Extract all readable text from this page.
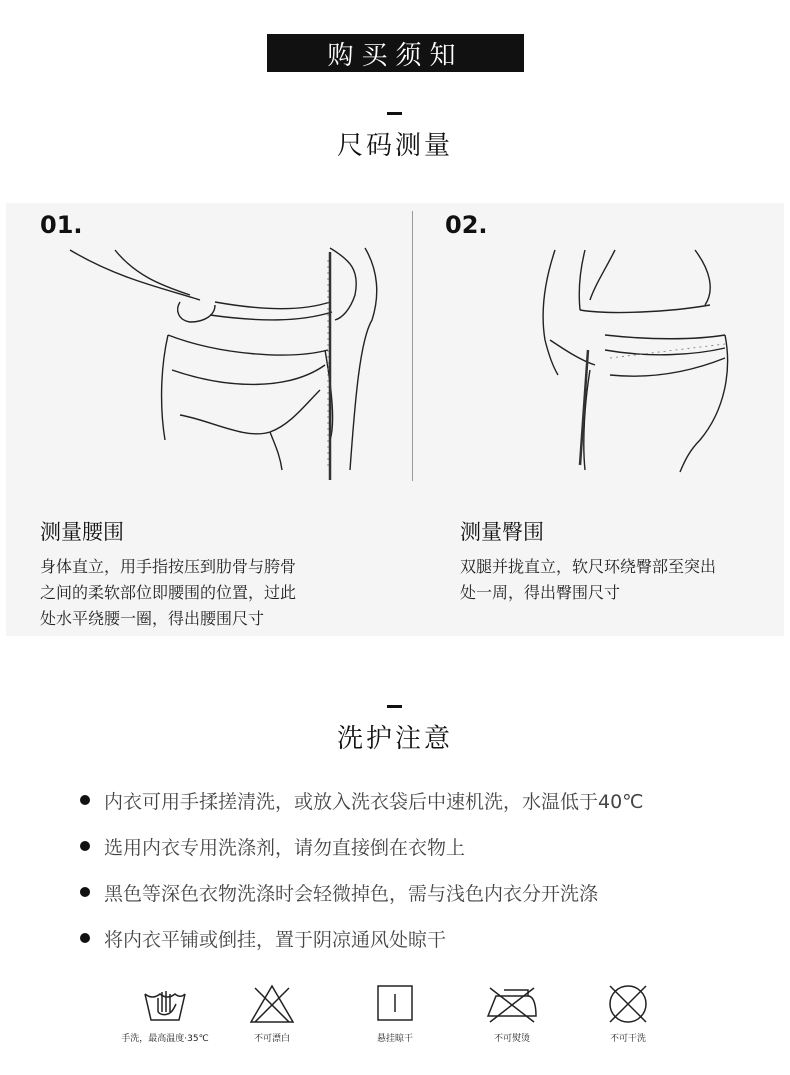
购买须知
尺码测量
01.
测量腰围
身体直立，用手指按压到肋骨与胯骨
之间的柔软部位即腰围的位置，过此
处水平绕腰一圈，得出腰围尺寸
02.
测量臀围
双腿并拢直立，软尺环绕臀部至突出
处一周，得出臀围尺寸
洗护注意
内衣可用手揉搓清洗，或放入洗衣袋后中速机洗，水温低于40℃
选用内衣专用洗涤剂，请勿直接倒在衣物上
黑色等深色衣物洗涤时会轻微掉色，需与浅色内衣分开洗涤
将内衣平铺或倒挂，置于阴凉通风处晾干
手洗，最高温度·35℃	不可漂白	悬挂晾干	不可熨烫	不可干洗
